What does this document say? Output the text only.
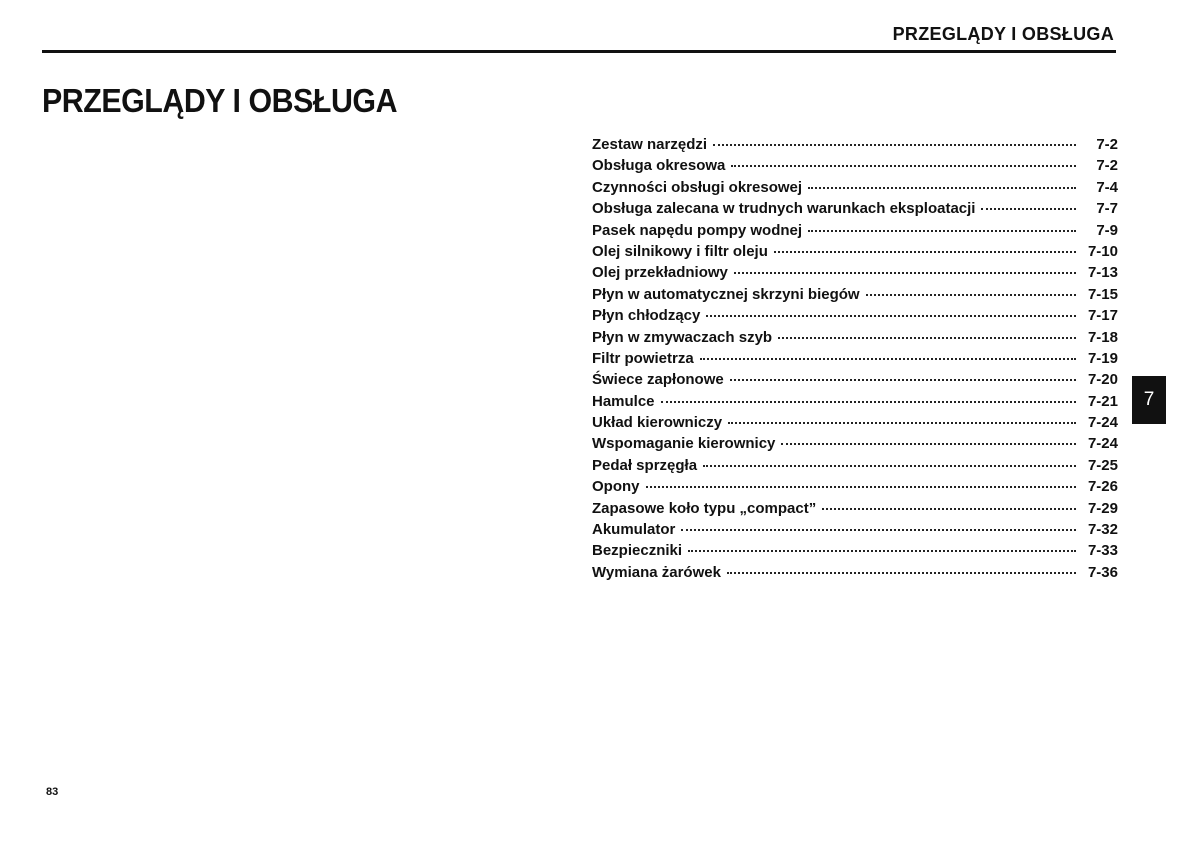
PRZEGLĄDY I OBSŁUGA
PRZEGLĄDY I OBSŁUGA
Zestaw narzędzi	7-2
Obsługa okresowa	7-2
Czynności obsługi okresowej	7-4
Obsługa zalecana w trudnych warunkach eksploatacji	7-7
Pasek napędu pompy wodnej	7-9
Olej silnikowy i filtr oleju	7-10
Olej przekładniowy	7-13
Płyn w automatycznej skrzyni biegów	7-15
Płyn chłodzący	7-17
Płyn w zmywaczach szyb	7-18
Filtr powietrza	7-19
Świece zapłonowe	7-20
Hamulce	7-21
Układ kierowniczy	7-24
Wspomaganie kierownicy	7-24
Pedał sprzęgła	7-25
Opony	7-26
Zapasowe koło typu „compact”	7-29
Akumulator	7-32
Bezpieczniki	7-33
Wymiana żarówek	7-36
7
83
